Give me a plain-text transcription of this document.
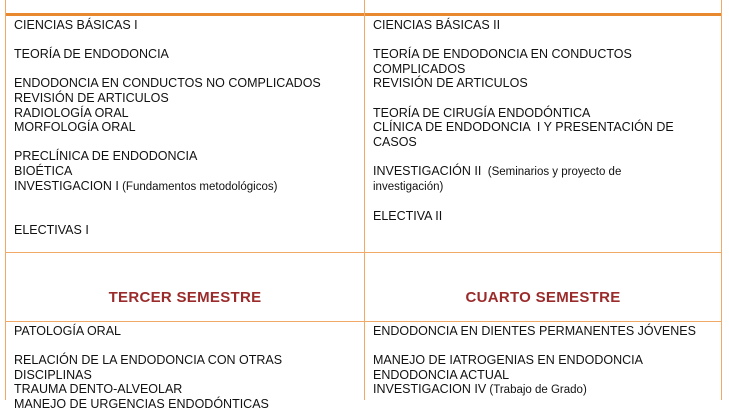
CIENCIAS BÁSICAS I
TEORÍA DE ENDODONCIA
ENDODONCIA EN CONDUCTOS NO COMPLICADOS
REVISIÓN DE ARTICULOS
RADIOLOGÍA ORAL
MORFOLOGÍA ORAL
PRECLÍNICA DE ENDODONCIA
BIOÉTICA
INVESTIGACION I (Fundamentos metodológicos)
ELECTIVAS I
CIENCIAS BÁSICAS II
TEORÍA DE ENDODONCIA EN CONDUCTOS
COMPLICADOS
REVISIÓN DE ARTICULOS
TEORÍA DE CIRUGÍA ENDODÓNTICA
CLÍNICA DE ENDODONCIA  I Y PRESENTACIÓN DE
CASOS
INVESTIGACIÓN II  (Seminarios y proyecto de
investigación)
ELECTIVA II
TERCER SEMESTRE	CUARTO SEMESTRE
PATOLOGÍA ORAL
RELACIÓN DE LA ENDODONCIA CON OTRAS
DISCIPLINAS
TRAUMA DENTO-ALVEOLAR
MANEJO DE URGENCIAS ENDODÓNTICAS
ENDODONCIA EN DIENTES PERMANENTES JÓVENES
MANEJO DE IATROGENIAS EN ENDODONCIA
ENDODONCIA ACTUAL
INVESTIGACION IV (Trabajo de Grado)
